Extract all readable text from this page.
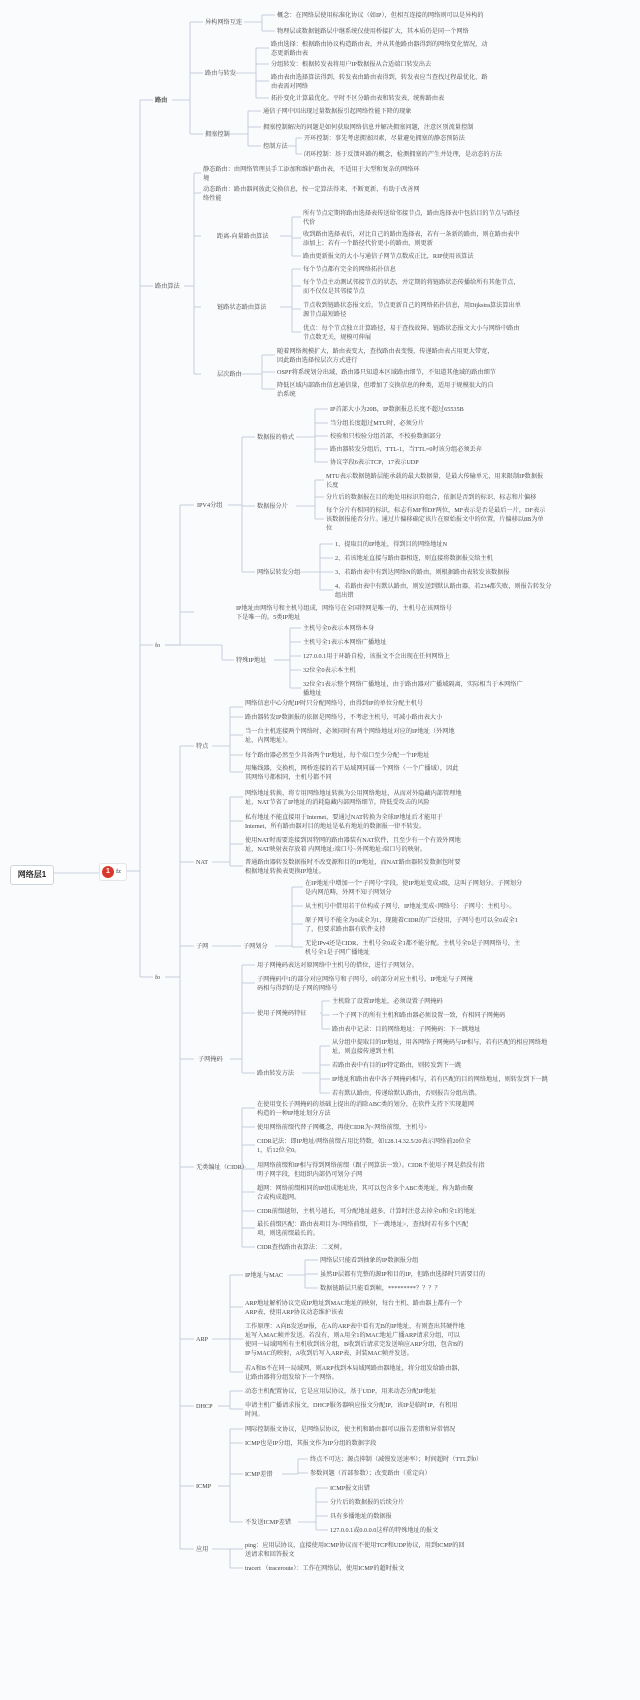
网络层1	1 fz
路由
fo
fo
异构网络互连
概念：在网络层使用标准化协议（如IP），但相互连接的网络则可以是异构的
物理层或数据链路层中继系统仅使用桥接扩大，其本质仍是同一个网络
路由与转发
路由选择：根据路由协议构造路由表，并从其他路由器得到的网络变化情况，动
态更新路由表
分组转发：根据转发表将用户IP数据报从合适端口转发出去
路由表由选择算法得到，转发表由路由表得到，转发表应当查找过程最优化，路
由表需对网络
拓扑变化计算最优化。平时不区分路由表和转发表，统称路由表
拥塞控制
通信子网中因出现过量数据报引起网络性能下降的现象
拥塞控制解决的问题是如何获取网络信息并解决拥塞问题，注意区别流量控制
控制方法
开环控制：事先考虑拥塞因素，尽量避免拥塞的静态预防法
闭环控制：基于反馈环路的概念，检测拥塞的产生并处理，是动态的方法
路由算法
静态路由：由网络管理员手工添加和维护路由表，不适用于大型和复杂的网络环
境
动态路由：路由器间彼此交换信息，按一定算法得来，不断更新，有助于改善网
络性能
距离-向量路由算法
所有节点定期将路由选择表传送给邻接节点，路由选择表中包括目的节点与路径
代价
收到路由选择表后，对比自己的路由选择表，若有一条新的路由，则在路由表中
添加上；若有一个路径代价更小的路由，则更新
路由更新报文的大小与通信子网节点数成正比，RIP使用该算法
链路状态路由算法
每个节点都有完全的网络拓扑信息
每个节点主动测试邻接节点的状态，并定期的将链路状态传播给所有其他节点，
而不仅仅是其邻接节点
节点收到链路状态报文后，节点更新自己的网络拓扑信息，用Dijkstra算法算出单
源节点最短路径
优点：每个节点独立计算路径，易于查找故障。链路状态报文大小与网络中路由
节点数无关，规模可伸展
层次路由
随着网络规模扩大，路由表变大，查找路由表变慢，传递路由表占用更大带宽，
因此路由选择按层次方式进行
OSPF将系统划分出域，路由器只知道本区域路由细节，不知道其他域的路由细节
降低区域内部路由信息通信量，但增加了交换信息的种类，适用于规模很大的自
治系统
IPV4分组
数据报的格式
IP首部大小为20B，IP数据报总长度不超过65535B
当分组长度超过MTU时，必须分片
校验和只校验分组首部，不校验数据部分
路由器转发分组后，TTL-1，当TTL=0时该分组必须丢弃
协议字段6表示TCP，17表示UDP
数据报分片
MTU表示数据链路层能承载的最大数据量，是最大传输单元，用来限制IP数据报
长度
分片后的数据报在目的地处用标识符组合，依据是否到的标识、标志和片偏移
每个分片有相同的标识，标志有MF和DF两位，MF表示是否是最后一片，DF表示
该数据报能否分片。通过片偏移确定该片在原始报文中的位置，片偏移以8B为单
位
网络层转发分组
1、提取目的IP地址，得到目的网络地址N
2、若该地址直接与路由器相连，则直接将数据报交给主机
3、若路由表中有到达网络N的路由，则根据路由表转发该数据报
4、若路由表中有默认路由，则发送到默认路由器，若234都失败，则报告转发分
组出错
IP地址由网络号和主机号组成，网络号在全国特网是唯一的，主机号在该网络号
下是唯一的。5类IP地址
特殊IP地址
主机号全0表示本网络本身
主机号全1表示本网络广播地址
127.0.0.1用于环路自检，该报文不会出现在任何网络上
32位全0表示本主机
32位全1表示整个网络广播地址，由于路由器对广播域隔离，实际相当于本网络广
播地址
特点
网络信息中心分配IP时只分配网络号，由得到IP的单位分配主机号
路由器转发IP数据报的依据是网络号，不考虑主机号，可减小路由表大小
当一台主机连接两个网络时，必须同时有两个网络地址对应的IP地址（外网地
址，内网地址）。
每个路由器必然至少具备两个IP地址，每个端口至少分配一个IP地址
用集线器，交换机，网桥连接的若干局域网同属一个网络（一个广播域），因此
其网络号都相同，主机号都不同
NAT
网络地址转换，将专用网络地址转换为公用网络地址，从而对外隐藏内部管理地
址，NAT节省了IP地址的消耗隐藏内部网络细节，降低受攻击的风险
私有地址不能直接用于Internet，要通过NAT转换为全球IP地址后才能用于
Internet，所有路由器对目的地址是私有地址的数据报一律不转发。
使用NAT时需要连接到因特网的路由器装有NAT软件，且至少有一个有效外网地
址，NAT映射表存放着 内网地址:端口号~外网地址:端口号的映射。
普通路由器转发数据报时不改变源和目的IP地址，而NAT路由器转发数据包时要
根据地址转换表更换IP地址。
子网	子网划分
在IP地址中增加一个"子网号"字段，使IP地址变成3级，这叫子网划分。子网划分
是内网范畴，外网不知子网划分
从主机号中借用若干位构成子网号，IP地址变成<网络号：子网号：主机号>。
原子网号不能全为0或全为1，现随着CIDR的广泛使用，子网号也可以全0或全1
了，但要求路由器有软件支持
无论IPv4还是CIDR，主机号全0或全1都不能分配。主机号全0是子网网络号，主
机号全1是子网广播地址
子网掩码
用子网掩码表达对原网络中主机号的借位，进行子网划分。
子网掩码中1的部分对应网络号和子网号，0的部分对应主机号。IP地址与子网掩
码相与得到的是子网的网络号
使用子网掩码特征
主机除了设置IP地址，必须设置子网掩码
一个子网下的所有主机和路由器必须设置一致，有相同子网掩码
路由表中记录：目的网络地址：子网掩码：下一跳地址
路由转发方法
从分组中提取目的IP地址，用各网络子网掩码与IP相与，若有匹配的相应网络地
址，则直接传递到主机
若路由表中有目的IP特定路由，则转发到下一跳
IP地址和路由表中各子网掩码相与，若有匹配的目的网络地址，则转发到下一跳
若有默认路由，传递给默认路由，否则报告分组出错。
无类编址（CIDR）
在使用变长子网掩码的基础上提出的消除ABC类的划分，在软件支持下实现超网
构造的一种IP地址划分方法
使用网络前缀代替子网概念，再使CIDR为<网络前缀，主机号>
CIDR记法：即IP地址/网络前缀占用比特数，如128.14.32.5/20表示网络前20位全
1，后12位全0。
用网络前缀和IP相与得到网络前缀（跟子网算法一致）。CIDR不使用子网是指没有指
明子网字段，但组织内部仍可划分子网
超网：网络前缀相同的IP组成地址块，其可以包含多个ABC类地址，称为路由聚
合或构成超网。
CIDR前缀越短，主机号越长，可分配地址越多，计算时注意去掉全0和全1的地址
最长前缀匹配：路由表项目为<网络前缀，下一跳地址>，查找时若有多个匹配
项，则选前缀最长的。
CIDR查找路由表算法：二叉树。
ARP
IP地址与MAC
网络层只能看到抽象的IP数据报分组
虽然IP层都有完整的源IP和目的IP，但路由选择时只需要目的
数据链路层只能看到帧，*********？？？？
ARP地址解析协议完成IP地址到MAC地址的映射，每台主机、路由器上都有一个
ARP表，使用ARP协议动态维护该表
工作原理：A向B发送IP报，在A的ARP表中看有无B的IP地址，有则查出其硬件地
址写入MAC帧并发送。若没有，则A用全1的MAC地址广播ARP请求分组，可以
使同一局域网所有主机收到该分组，B收到后请求完发送响应ARP分组，包含B的
IP与MAC的映射，A收到后写入ARP表，封装MAC帧并发送。
若A和B不在同一局域网，则ARP找到本局域网路由器地址，将分组发给路由器，
让路由器将分组发给下一个网络。
DHCP
动态主机配置协议，它是应用层协议，基于UDP，用来动态分配IP地址
申请主机广播请求报文，DHCP服务器响应报文分配IP，该IP是临时IP，有租用
时间。
ICMP
网际控制报文协议，是网络层协议，使主机和路由器可以报告差错和异常情况
ICMP也是IP分组，其报文作为IP分组的数据字段
ICMP差错
终点不可达；源点抑制（减慢发送速率）；时间超时（TTL到0）
参数问题（首部参数）；改变路由（重定向）
不发送ICMP差错
ICMP报文出错
分片后的数据报的后续分片
具有多播地址的数据报
127.0.0.1或0.0.0.0这样的特殊地址的报文
应用
ping：应用层协议，直接使用ICMP协议而不使用TCP和UDP协议，用到ICMP的回
送请求和回答报文
tracert （traceroute）：工作在网络层，使用ICMP的超时报文
